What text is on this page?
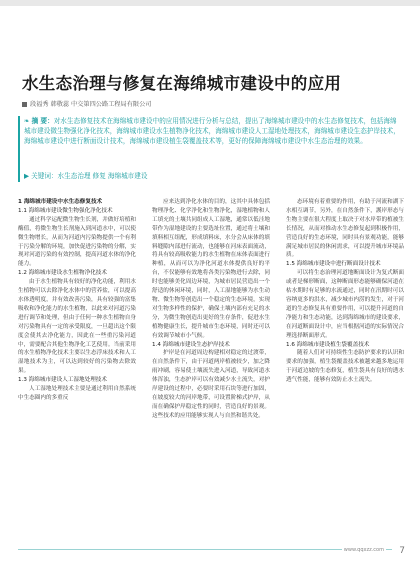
水生态治理与修复在海绵城市建设中的应用
段福秀 韩敬蕊 中交第四公路工程局有限公司
❧ 摘 要：对水生态修复技术在海绵城市建设中的应用情况进行分析与总结，提出了海绵城市建设中的水生态修复技术，包括海绵城市建设微生物强化净化技术，海绵城市建设水生植物净化技术，海绵城市建设人工湿地处理技术，海绵城市建设生态护岸技术，海绵城市建设中进行断面设计技术，海绵城市建设植生袋覆盖技术等，更好的保障海绵城市建设中水生态治理的效果。
▶ 关键词：水生态治理 修复 海绵城市建设

1 海绵城市建设中水生态修复技术

1.1 海绵城市建设微生物强化净化技术

通过科学运配微生物生长剂，并做好培植和酶值，将微生物生长剂施入到河道水中，可以使微生物增长，从而为河道内污染物提供一个有利于污染分解的环境，加快促进污染物的分解，实现对河道污染的有效控制，提高河道水体的净化能力。

1.2 海绵城市建设水生植物净化技术

由于水生植物具有较好的净化功能，利用水生植物可以去除净化水体中的营养盐，可以提高水体透明度，并有效改善污染，具有较强的富集吸收和净化能力的水生植物，以此来对河道污染进行调节和处理，但由于任何一种水生植物自身对污染物具有一定的承受限度，一旦超出这个限度会使其去净化能力，因此在一些重污染河道中，需要配合其他生物净化工艺使用。当前采用的水生植物净化技术主要以生态浮床技术和人工湿地技术为主，可以达到较好的污染物去除效果。

1.3 海绵城市建设人工湿地处理技术

人工湿地处理技术主要是通过利用自然系统中生态圈内的多重反

应来达到净化水体的目的，这其中具体包括物理净化、化学净化和生物净化，湿地植物和人工填充的土壤共同组成人工湿地，通常以低洼地带作为湿地建设的主要选址位置，通过将土壤和填料相互组配，形成填料床，水分会从床体的填料缝隙内部进行流动，也能够在河床表面流动，将具有较高吸收能力的水生植物在床体表面进行种植，从而可以为净化河道水体提供良好的平台，不仅能够有效地将各类污染物进行去除，同时也能够美化周边环境，为城市居民营造出一个舒适的休闲环境，同时，人工湿地能够为水生动物、微生物等创造出一个稳定的生态环境，实现对生物多样性的保护，确保土壤内部有充足的水分，为微生物创造出更好的生存条件，促进水生植物健康生长，提升城市生态环境，同时还可以有效调节城市小气候。

1.4 海绵城市建设生态护岸技术

护岸是在河道周边构建相对稳定的过渡带，在自然条件下，由于河道两岸植被较少，加之降雨冲刷，容易使土壤流失进入河道，导致河道水体浑浊，生态护岸可以有效减少水土流失，对护岸建设的过程中，必要时采用石块等进行加固，在坡度较大的河岸地带，可设置阶梯式护岸，从而在确保护岸稳定性的同时，营造良好的景观。这些技术的应用能够实现人与自然和谐共处。

态环境有着重要的作用，有助于河流和湖下水相互调节，另外，在自然条件下，護岸形态与生物主要在很大程度上取决于对水岸带的植被生长情况，从而对推动水生态修复起到积极作用，营造良好的生态环境，同时具有景观功能，能够满足城市居民的休闲需求，可以提升城市环境品质。

1.5 海绵城市建设中进行断面设计技术

可以将生态治理河道地断面设计为复式断面或者是梯形断面，这种断面形态能够确保河道在枯水期时有足够的水流通过，同时在汛期时可以容纳更多的洪水，减少城市内涝的发生，对于河道的生态修复具有重要作用，可以提升河道的自净能力和生态功能，达到海绵城市的建设要求，在河道断面设计中，应当根据河道的实际情况合理选择断面形式。

1.6 海绵城市建设植生袋覆盖技术

随着人们对可持续性生态防护要求的认识和要求的加强，植生袋覆盖技术被越来越多地运用于河道边坡的生态修复，植生袋具有良好的透水透气性能，能够有效防止水土流失。

www.qqxzz.com	7
